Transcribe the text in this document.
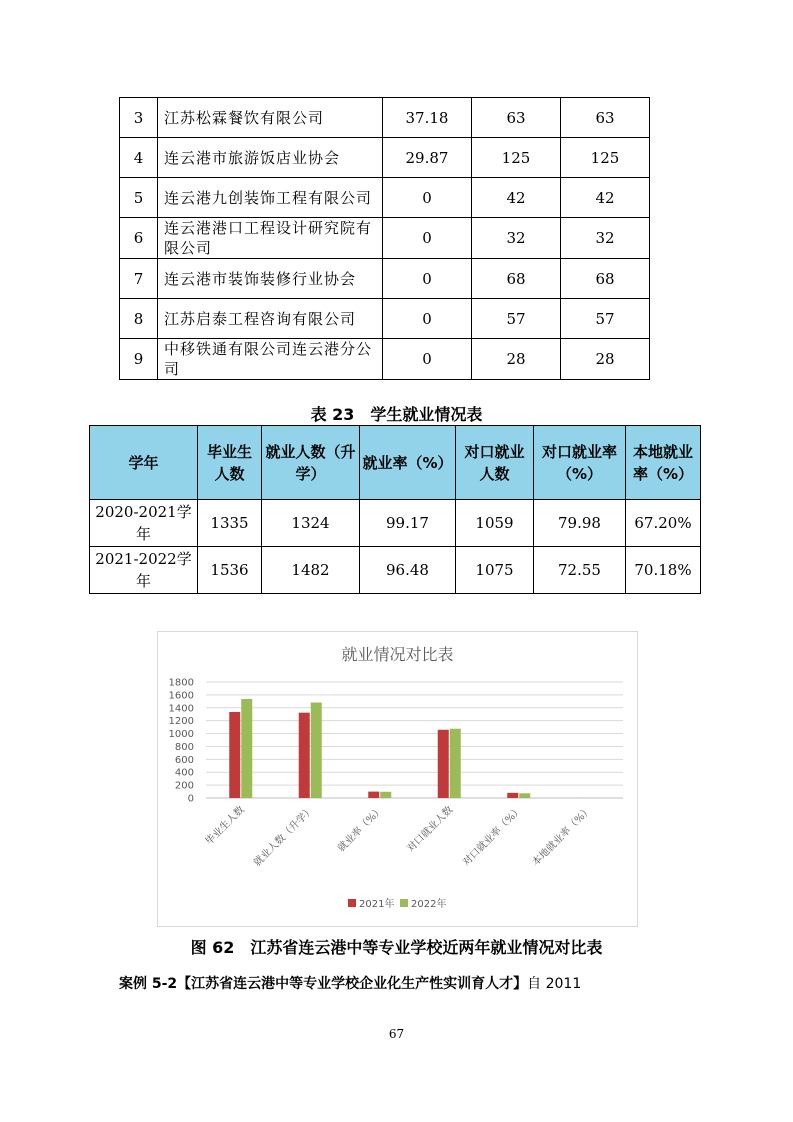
3	江苏松霖餐饮有限公司	37.18	63	63
4	连云港市旅游饭店业协会	29.87	125	125
5	连云港九创装饰工程有限公司	0	42	42
6	连云港港口工程设计研究院有限公司	0	32	32
7	连云港市装饰装修行业协会	0	68	68
8	江苏启泰工程咨询有限公司	0	57	57
9	中移铁通有限公司连云港分公司	0	28	28
表 23　学生就业情况表
学年	毕业生人数	就业人数（升学）	就业率（%）	对口就业人数	对口就业率（%）	本地就业率（%）
2020-2021学年	1335	1324	99.17	1059	79.98	67.20%
2021-2022学年	1536	1482	96.48	1075	72.55	70.18%
就业情况对比表
0
200
400
600
800
1000
1200
1400
1600
1800
毕业生人数 就业人数（升学） 就业率（%） 对口就业人数 对口就业率（%） 本地就业率（%）
2021年 2022年
图 62　江苏省连云港中等专业学校近两年就业情况对比表
案例 5-2【江苏省连云港中等专业学校企业化生产性实训育人才】自 2011
67
